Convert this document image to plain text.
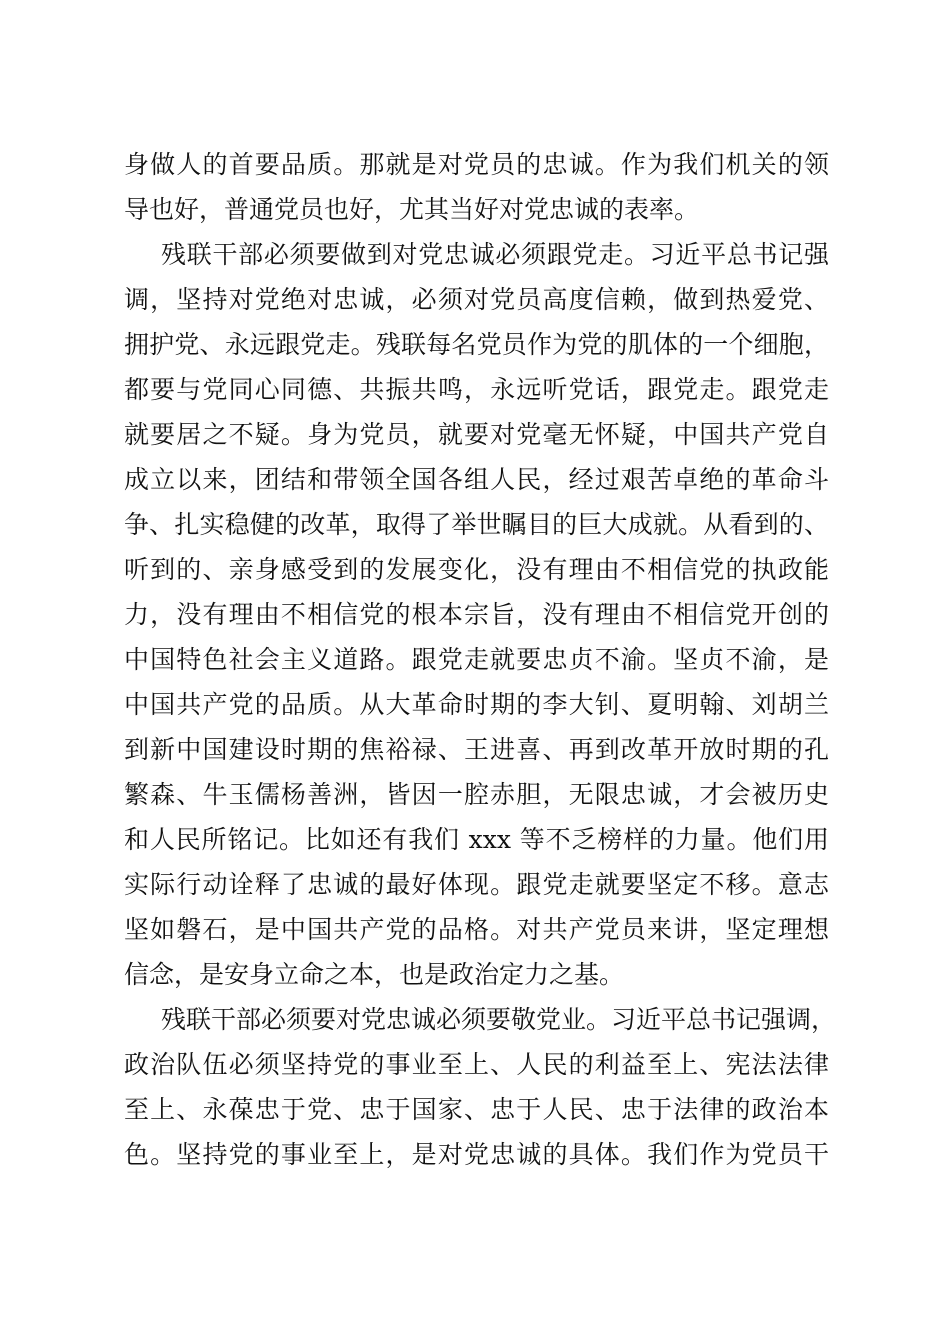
身做人的首要品质。那就是对党员的忠诚。作为我们机关的领
导也好，普通党员也好，尤其当好对党忠诚的表率。
残联干部必须要做到对党忠诚必须跟党走。习近平总书记强
调，坚持对党绝对忠诚，必须对党员高度信赖，做到热爱党、
拥护党、永远跟党走。残联每名党员作为党的肌体的一个细胞，
都要与党同心同德、共振共鸣，永远听党话，跟党走。跟党走
就要居之不疑。身为党员，就要对党毫无怀疑，中国共产党自
成立以来，团结和带领全国各组人民，经过艰苦卓绝的革命斗
争、扎实稳健的改革，取得了举世瞩目的巨大成就。从看到的、
听到的、亲身感受到的发展变化，没有理由不相信党的执政能
力，没有理由不相信党的根本宗旨，没有理由不相信党开创的
中国特色社会主义道路。跟党走就要忠贞不渝。坚贞不渝，是
中国共产党的品质。从大革命时期的李大钊、夏明翰、刘胡兰
到新中国建设时期的焦裕禄、王进喜、再到改革开放时期的孔
繁森、牛玉儒杨善洲，皆因一腔赤胆，无限忠诚，才会被历史
和人民所铭记。比如还有我们 xxx 等不乏榜样的力量。他们用
实际行动诠释了忠诚的最好体现。跟党走就要坚定不移。意志
坚如磐石，是中国共产党的品格。对共产党员来讲，坚定理想
信念，是安身立命之本，也是政治定力之基。
残联干部必须要对党忠诚必须要敬党业。习近平总书记强调，
政治队伍必须坚持党的事业至上、人民的利益至上、宪法法律
至上、永葆忠于党、忠于国家、忠于人民、忠于法律的政治本
色。坚持党的事业至上，是对党忠诚的具体。我们作为党员干
